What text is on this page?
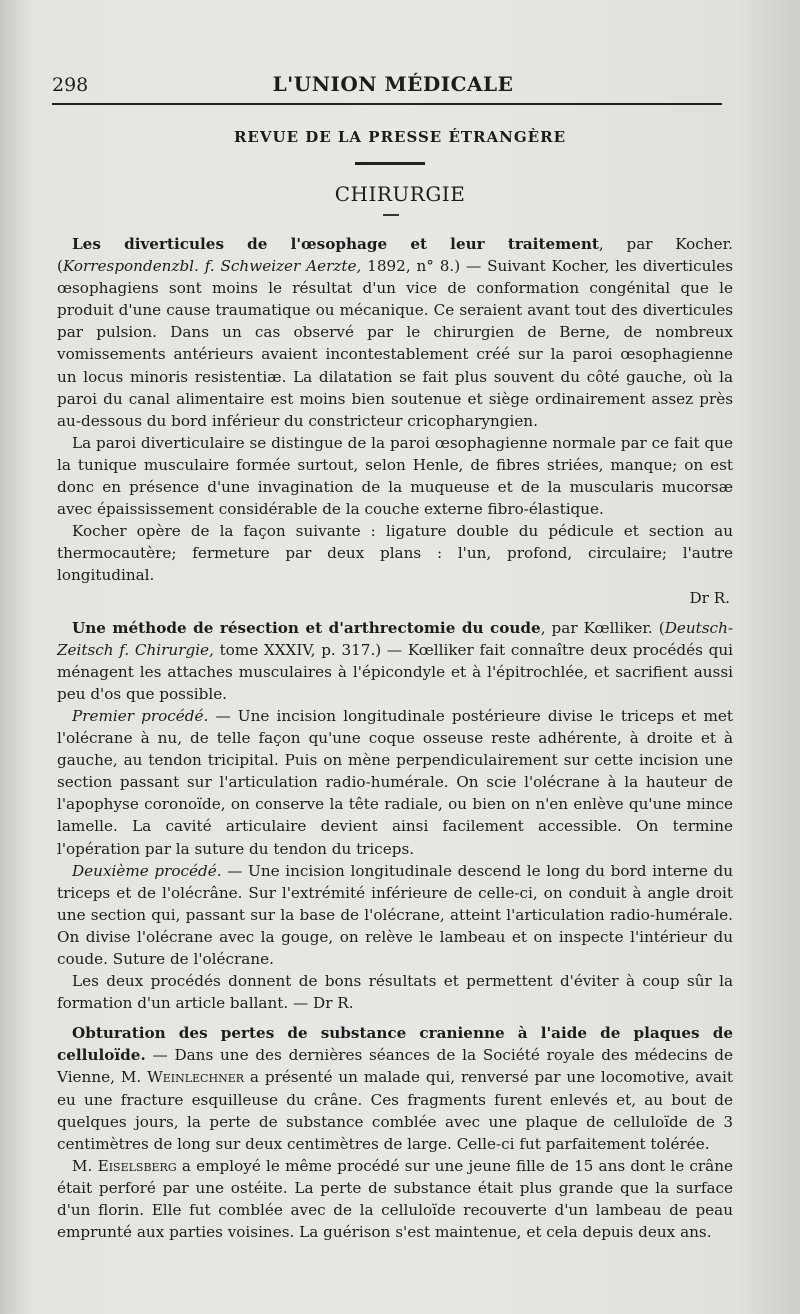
298	L'UNION MÉDICALE
REVUE DE LA PRESSE ÉTRANGÈRE
CHIRURGIE

Les diverticules de l'œsophage et leur traitement, par Kocher. (Korrespondenzbl. f. Schweizer Aerzte, 1892, n° 8.) — Suivant Kocher, les diverticules œsophagiens sont moins le résultat d'un vice de conformation congénital que le produit d'une cause traumatique ou mécanique. Ce seraient avant tout des diverticules par pulsion. Dans un cas observé par le chirurgien de Berne, de nombreux vomissements antérieurs avaient incontestablement créé sur la paroi œsophagienne un locus minoris resistentiæ. La dilatation se fait plus souvent du côté gauche, où la paroi du canal alimentaire est moins bien soutenue et siège ordinairement assez près au-dessous du bord inférieur du constricteur cricopharyngien.

La paroi diverticulaire se distingue de la paroi œsophagienne normale par ce fait que la tunique musculaire formée surtout, selon Henle, de fibres striées, manque; on est donc en présence d'une invagination de la muqueuse et de la muscularis mucorsæ avec épaississement considérable de la couche externe fibro-élastique.

Kocher opère de la façon suivante : ligature double du pédicule et section au thermocautère; fermeture par deux plans : l'un, profond, circulaire; l'autre longitudinal.

Dr R.

Une méthode de résection et d'arthrectomie du coude, par Kœlliker. (Deutsch-Zeitsch f. Chirurgie, tome XXXIV, p. 317.) — Kœlliker fait connaître deux procédés qui ménagent les attaches musculaires à l'épicondyle et à l'épitrochlée, et sacrifient aussi peu d'os que possible.

Premier procédé. — Une incision longitudinale postérieure divise le triceps et met l'olécrane à nu, de telle façon qu'une coque osseuse reste adhérente, à droite et à gauche, au tendon tricipital. Puis on mène perpendiculairement sur cette incision une section passant sur l'articulation radio-humérale. On scie l'olécrane à la hauteur de l'apophyse coronoïde, on conserve la tête radiale, ou bien on n'en enlève qu'une mince lamelle. La cavité articulaire devient ainsi facilement accessible. On termine l'opération par la suture du tendon du triceps.

Deuxième procédé. — Une incision longitudinale descend le long du bord interne du triceps et de l'olécrâne. Sur l'extrémité inférieure de celle-ci, on conduit à angle droit une section qui, passant sur la base de l'olécrane, atteint l'articulation radio-humérale. On divise l'olécrane avec la gouge, on relève le lambeau et on inspecte l'intérieur du coude. Suture de l'olécrane.

Les deux procédés donnent de bons résultats et permettent d'éviter à coup sûr la formation d'un article ballant. — Dr R.

Obturation des pertes de substance cranienne à l'aide de plaques de celluloïde. — Dans une des dernières séances de la Société royale des médecins de Vienne, M. Weinlechner a présenté un malade qui, renversé par une locomotive, avait eu une fracture esquilleuse du crâne. Ces fragments furent enlevés et, au bout de quelques jours, la perte de substance comblée avec une plaque de celluloïde de 3 centimètres de long sur deux centimètres de large. Celle-ci fut parfaitement tolérée.

M. Eiselsberg a employé le même procédé sur une jeune fille de 15 ans dont le crâne était perforé par une ostéite. La perte de substance était plus grande que la surface d'un florin. Elle fut comblée avec de la celluloïde recouverte d'un lambeau de peau emprunté aux parties voisines. La guérison s'est maintenue, et cela depuis deux ans.
